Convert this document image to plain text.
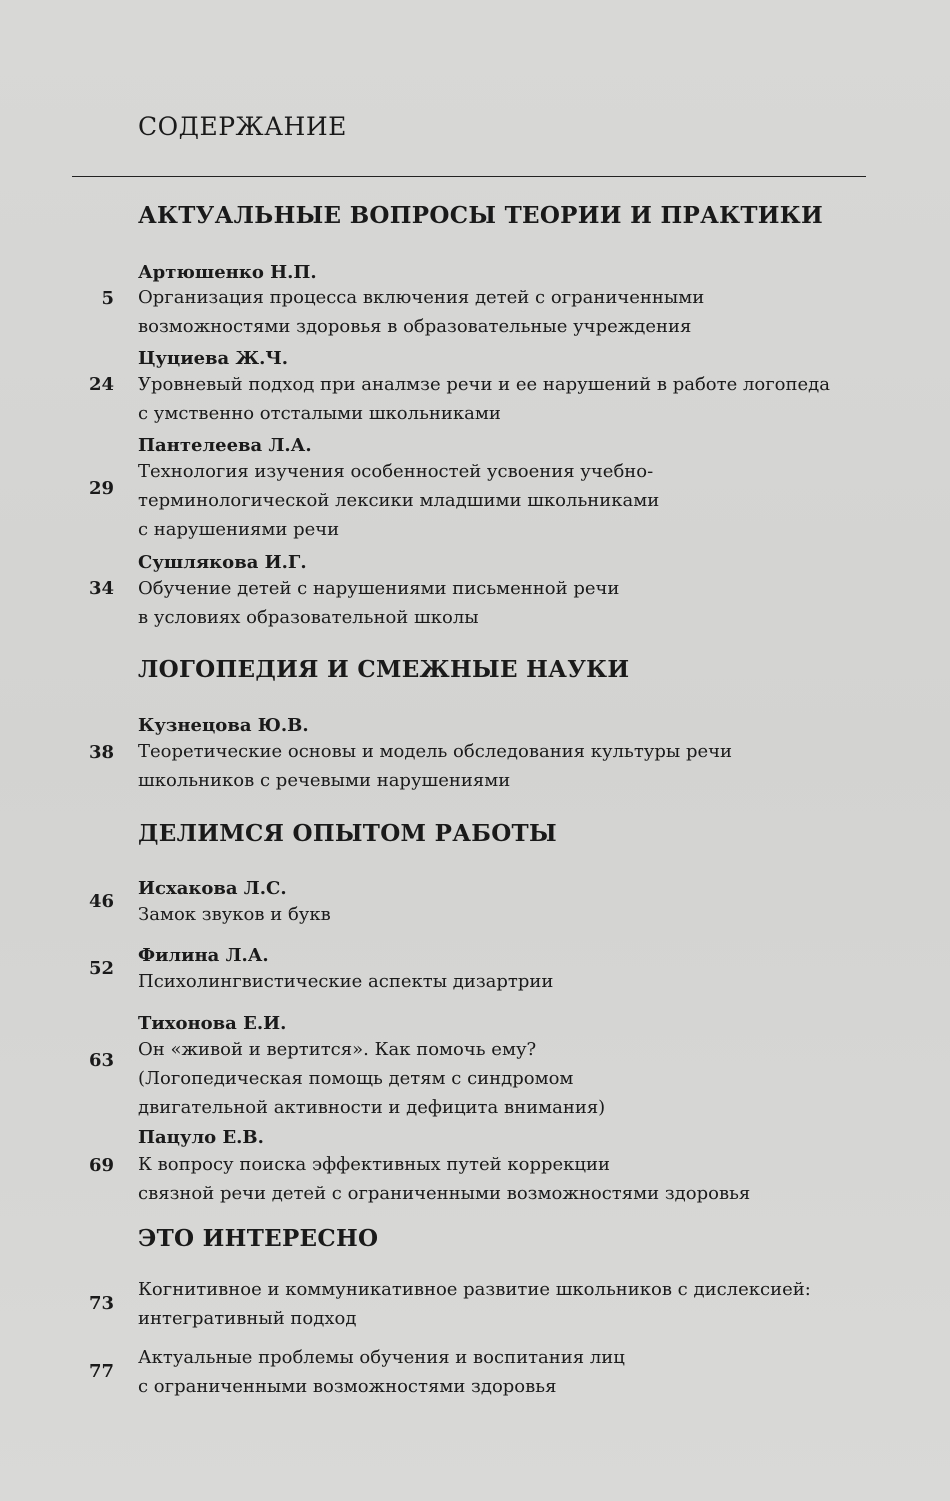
СОДЕРЖАНИЕ
АКТУАЛЬНЫЕ ВОПРОСЫ ТЕОРИИ И ПРАКТИКИ
Артюшенко Н.П.
5 Организация процесса включения детей с ограниченными
возможностями здоровья в образовательные учреждения
Цуциева Ж.Ч.
24 Уровневый подход при аналмзе речи и ее нарушений в работе логопеда
с умственно отсталыми школьниками
Пантелеева Л.А.
29
Технология изучения особенностей усвоения учебно-
терминологической лексики младшими школьниками
с нарушениями речи
Сушлякова И.Г.
34 Обучение детей с нарушениями письменной речи
в условиях образовательной школы
ЛОГОПЕДИЯ И СМЕЖНЫЕ НАУКИ
Кузнецова Ю.В.
38 Теоретические основы и модель обследования культуры речи
школьников с речевыми нарушениями
ДЕЛИМСЯ ОПЫТОМ РАБОТЫ
Исхакова Л.С.
46
Замок звуков и букв
Филина Л.А.
52
Психолингвистические аспекты дизартрии
Тихонова Е.И.
63
Он «живой и вертится». Как помочь ему?
(Логопедическая помощь детям с синдромом
двигательной активности и дефицита внимания)
Пацуло Е.В.
69 К вопросу поиска эффективных путей коррекции
связной речи детей с ограниченными возможностями здоровья
ЭТО ИНТЕРЕСНО
73
Когнитивное и коммуникативное развитие школьников с дислексией:
интегративный подход
77
Актуальные проблемы обучения и воспитания лиц
с ограниченными возможностями здоровья
